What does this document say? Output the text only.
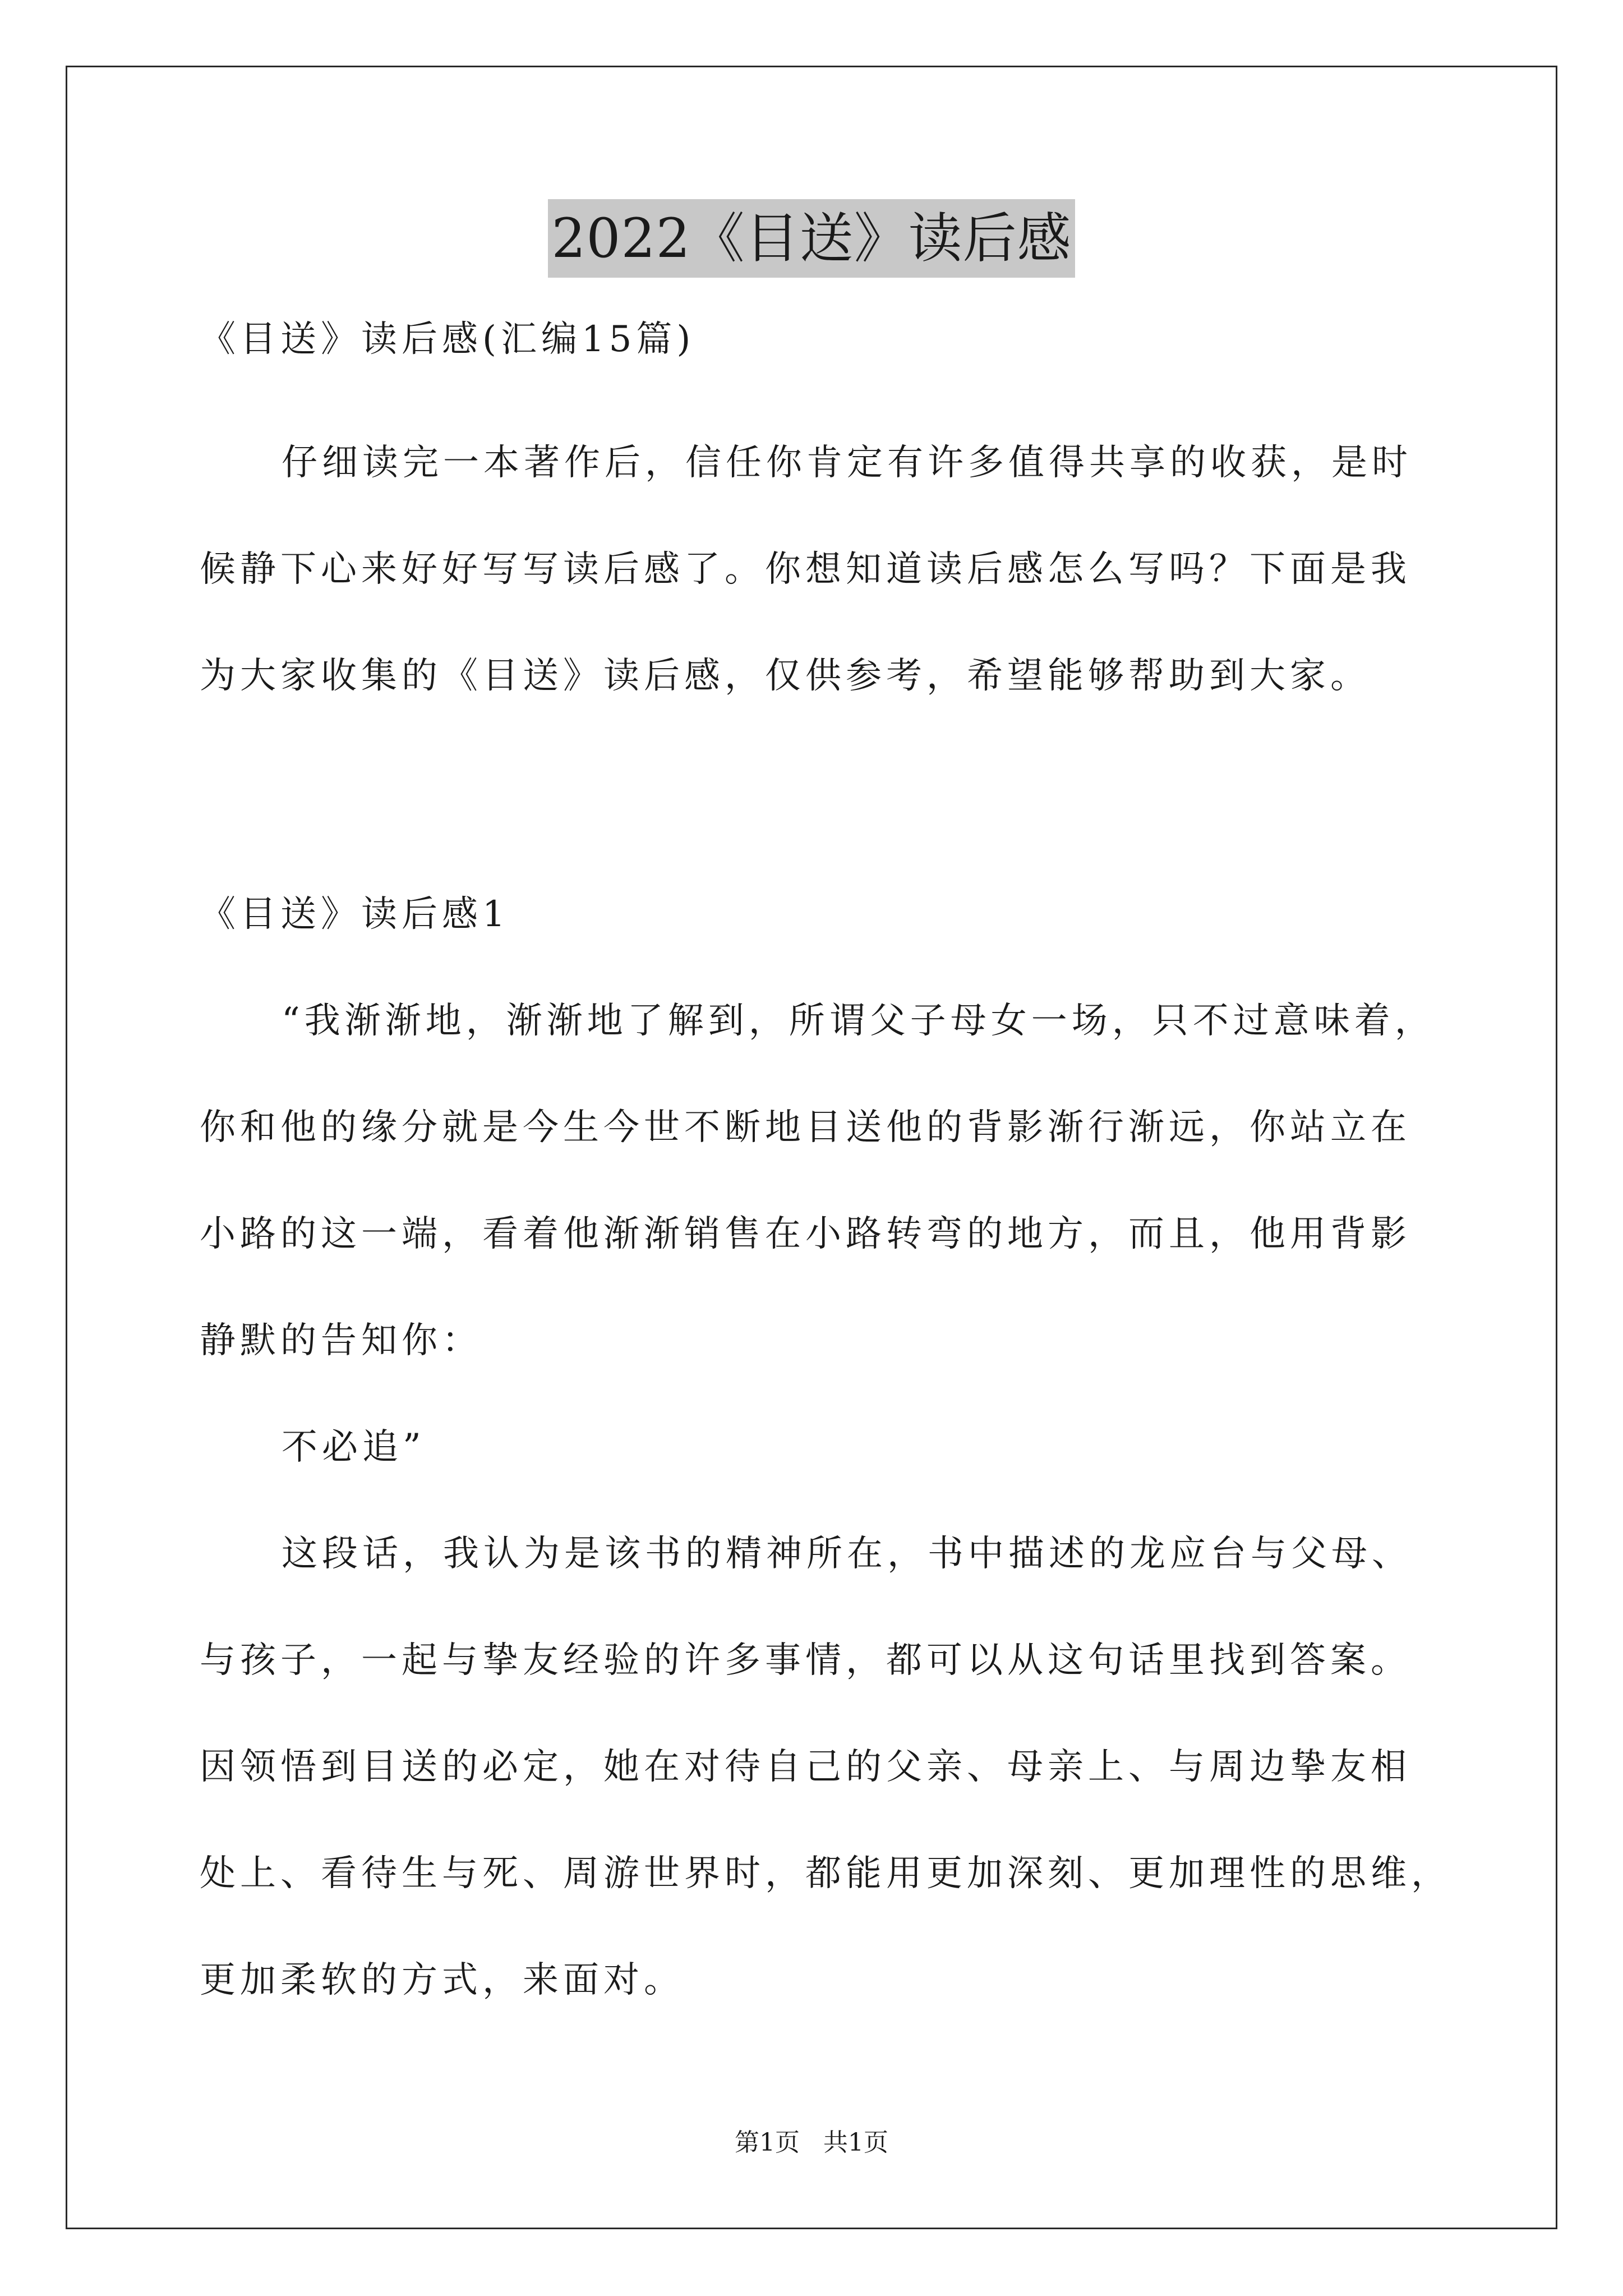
2022《目送》读后感
《目送》读后感(汇编15篇)
仔细读完一本著作后，信任你肯定有许多值得共享的收获，是时
候静下心来好好写写读后感了。你想知道读后感怎么写吗？下面是我
为大家收集的《目送》读后感，仅供参考，希望能够帮助到大家。
《目送》读后感1
“我渐渐地，渐渐地了解到，所谓父子母女一场，只不过意味着，
你和他的缘分就是今生今世不断地目送他的背影渐行渐远，你站立在
小路的这一端，看着他渐渐销售在小路转弯的地方，而且，他用背影
静默的告知你：
不必追”
这段话，我认为是该书的精神所在，书中描述的龙应台与父母、
与孩子，一起与挚友经验的许多事情，都可以从这句话里找到答案。
因领悟到目送的必定，她在对待自己的父亲、母亲上、与周边挚友相
处上、看待生与死、周游世界时，都能用更加深刻、更加理性的思维，
更加柔软的方式，来面对。
第1页   共1页
